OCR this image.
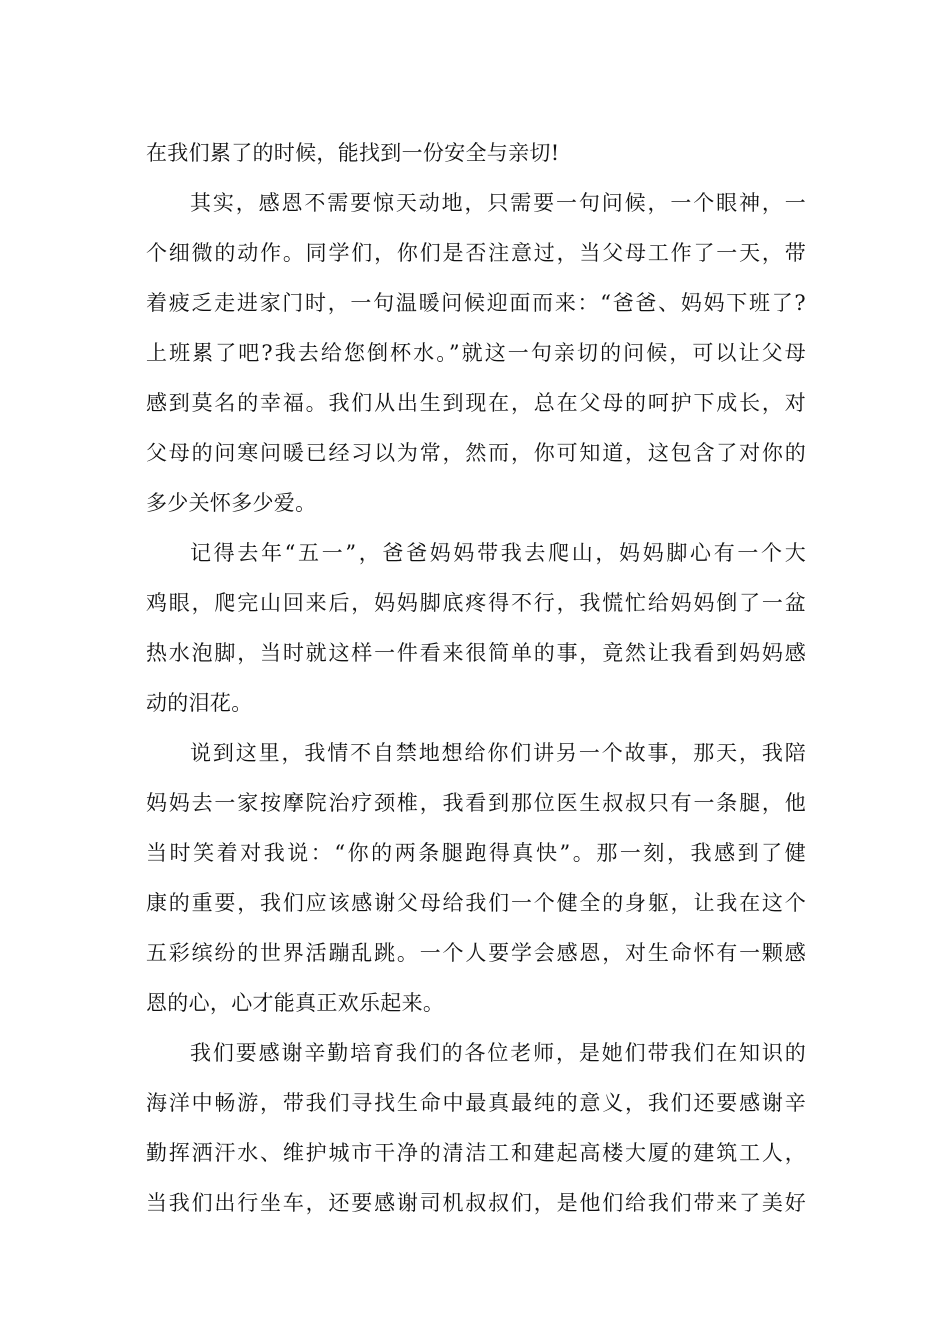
在我们累了的时候，能找到一份安全与亲切!
其实，感恩不需要惊天动地，只需要一句问候，一个眼神，一
个细微的动作。同学们，你们是否注意过，当父母工作了一天，带
着疲乏走进家门时，一句温暖问候迎面而来：“爸爸、妈妈下班了?
上班累了吧?我去给您倒杯水。”就这一句亲切的问候，可以让父母
感到莫名的幸福。我们从出生到现在，总在父母的呵护下成长，对
父母的问寒问暖已经习以为常，然而，你可知道，这包含了对你的
多少关怀多少爱。
记得去年“五一”，爸爸妈妈带我去爬山，妈妈脚心有一个大
鸡眼，爬完山回来后，妈妈脚底疼得不行，我慌忙给妈妈倒了一盆
热水泡脚，当时就这样一件看来很简单的事，竟然让我看到妈妈感
动的泪花。
说到这里，我情不自禁地想给你们讲另一个故事，那天，我陪
妈妈去一家按摩院治疗颈椎，我看到那位医生叔叔只有一条腿，他
当时笑着对我说：“你的两条腿跑得真快”。那一刻，我感到了健
康的重要，我们应该感谢父母给我们一个健全的身躯，让我在这个
五彩缤纷的世界活蹦乱跳。一个人要学会感恩，对生命怀有一颗感
恩的心，心才能真正欢乐起来。
我们要感谢辛勤培育我们的各位老师，是她们带我们在知识的
海洋中畅游，带我们寻找生命中最真最纯的意义，我们还要感谢辛
勤挥洒汗水、维护城市干净的清洁工和建起高楼大厦的建筑工人，
当我们出行坐车，还要感谢司机叔叔们，是他们给我们带来了美好
